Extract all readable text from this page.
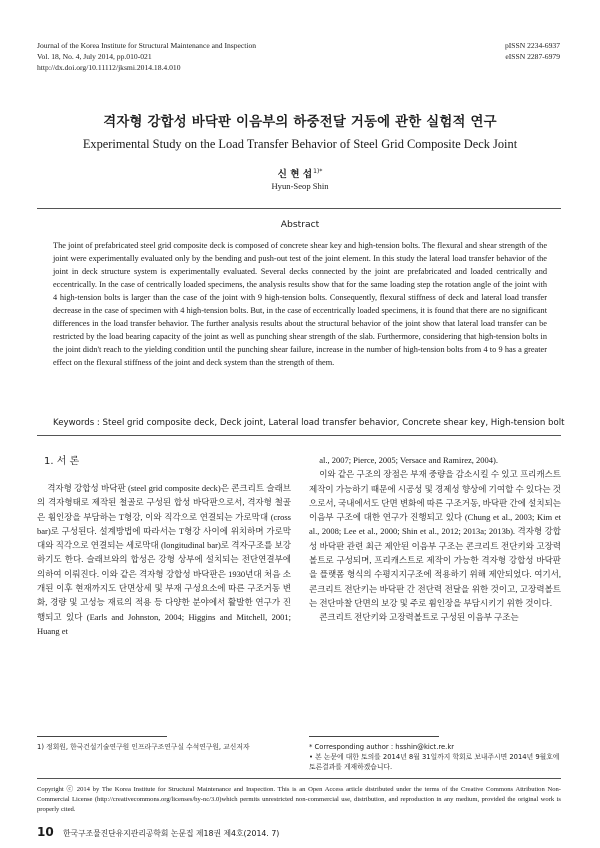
Journal of the Korea Institute for Structural Maintenance and Inspection
Vol. 18, No. 4, July 2014, pp.010-021
http://dx.doi.org/10.11112/jksmi.2014.18.4.010
pISSN 2234-6937
eISSN 2287-6979
격자형 강합성 바닥판 이음부의 하중전달 거동에 관한 실험적 연구
Experimental Study on the Load Transfer Behavior of Steel Grid Composite Deck Joint
신 현 섭$^{1)*}$
Hyun-Seop Shin
Abstract
The joint of prefabricated steel grid composite deck is composed of concrete shear key and high-tension bolts. The flexural and shear strength of the joint were experimentally evaluated only by the bending and push-out test of the joint element. In this study the lateral load transfer behavior of the joint in deck structure system is experimentally evaluated. Several decks connected by the joint are prefabricated and loaded centrically and eccentrically. In the case of centrically loaded specimens, the analysis results show that for the same loading step the rotation angle of the joint with 4 high-tension bolts is larger than the case of the joint with 9 high-tension bolts. Consequently, flexural stiffness of deck and lateral load transfer decrease in the case of specimen with 4 high-tension bolts. But, in the case of eccentrically loaded specimens, it is found that there are no significant differences in the load transfer behavior. The further analysis results about the structural behavior of the joint show that lateral load transfer can be restricted by the load bearing capacity of the joint as well as punching shear strength of the slab. Furthermore, considering that high-tension bolts in the joint didn't reach to the yielding condition until the punching shear failure, increase in the number of high-tension bolts from 4 to 9 has a greater effect on the flexural stiffness of the joint and deck system than the strength of them.
Keywords : Steel grid composite deck, Deck joint, Lateral load transfer behavior, Concrete shear key, High-tension bolt
1. 서 론
격자형 강합성 바닥판 (steel grid composite deck)은 콘크리트 슬래브의 격자형태로 제작된 철골로 구성된 합성 바닥판으로서, 격자형 철골은 휨인장을 부담하는 T형강, 이와 직각으로 연결되는 가로막대 (cross bar)로 구성된다. 설계방법에 따라서는 T형강 사이에 위치하며 가로막대와 직각으로 연결되는 세로막대 (longitudinal bar)로 격자구조를 보강하기도 한다. 슬래브와의 합성은 강형 상부에 설치되는 전단연결부에 의하여 이뤄진다. 이와 같은 격자형 강합성 바닥판은 1930년대 처음 소개된 이후 현재까지도 단면상세 및 부재 구성요소에 따른 구조거동 변화, 경량 및 고성능 재료의 적용 등 다양한 분야에서 활발한 연구가 진행되고 있다 (Earls and Johnston, 2004; Higgins and Mitchell, 2001; Huang et
al., 2007; Pierce, 2005; Versace and Ramirez, 2004).
이와 같은 구조의 장점은 부재 중량을 감소시킬 수 있고 프리캐스트 제작이 가능하기 때문에 시공성 및 경제성 향상에 기여할 수 있다는 것으로서, 국내에서도 단면 변화에 따른 구조거동, 바닥판 간에 설치되는 이음부 구조에 대한 연구가 진행되고 있다 (Chung et al., 2003; Kim et al., 2008; Lee et al., 2000; Shin et al., 2012; 2013a; 2013b). 격자형 강합성 바닥판 관련 최근 제안된 이음부 구조는 콘크리트 전단키와 고장력볼트로 구성되며, 프리캐스트로 제작이 가능한 격자형 강합성 바닥판을 플랫폼 형식의 수평지지구조에 적용하기 위해 제안되었다. 여기서, 콘크리트 전단키는 바닥판 간 전단력 전달을 위한 것이고, 고장력볼트는 전단마찰 단면의 보강 및 주로 휨인장을 부담시키기 위한 것이다.
콘크리트 전단키와 고장력볼트로 구성된 이음부 구조는
1) 정회원, 한국건설기술연구원 인프라구조연구실 수석연구원, 교신저자	* Corresponding author : hsshin@kict.re.kr
• 본 논문에 대한 토의를 2014년 8월 31일까지 학회로 보내주시면 2014년 9월호에 토론결과를 게재하겠습니다.
Copyright ⓒ 2014 by The Korea Institute for Structural Maintenance and Inspection. This is an Open Access article distributed under the terms of the Creative Commons Attribution Non-Commercial License (http://creativecommons.org/licenses/by-nc/3.0)which permits unrestricted non-commercial use, distribution, and reproduction in any medium, provided the original work is properly cited.
10 한국구조물진단유지관리공학회 논문집 제18권 제4호(2014. 7)
